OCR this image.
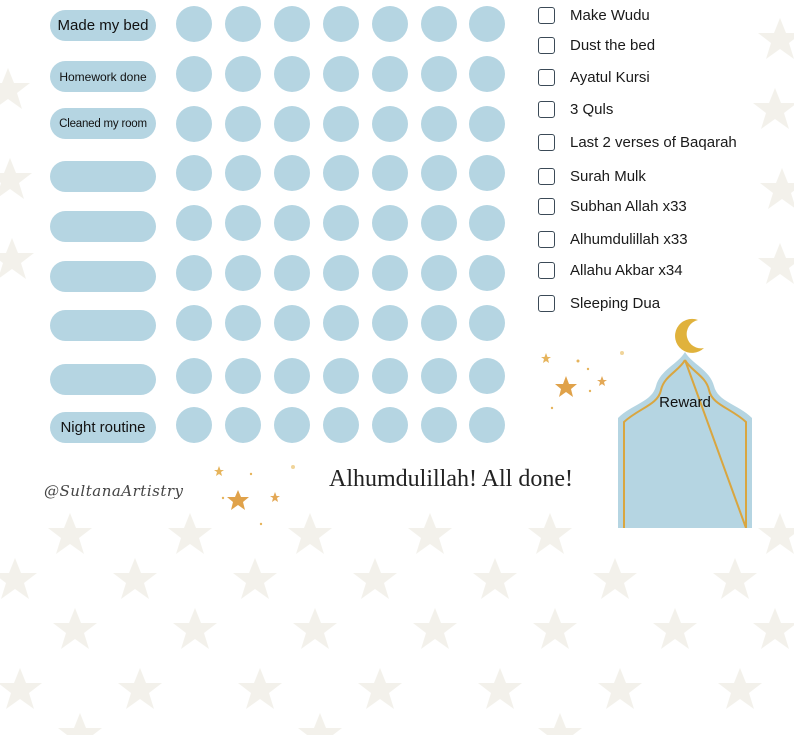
Made my bed
Homework done
Cleaned my room
Night routine
Make Wudu
Dust the bed
Ayatul Kursi
3 Quls
Last 2 verses of Baqarah
Surah Mulk
Subhan Allah x33
Alhumdulillah x33
Allahu Akbar x34
Sleeping Dua
Reward
@SultanaArtistry	Alhumdulillah! All done!
